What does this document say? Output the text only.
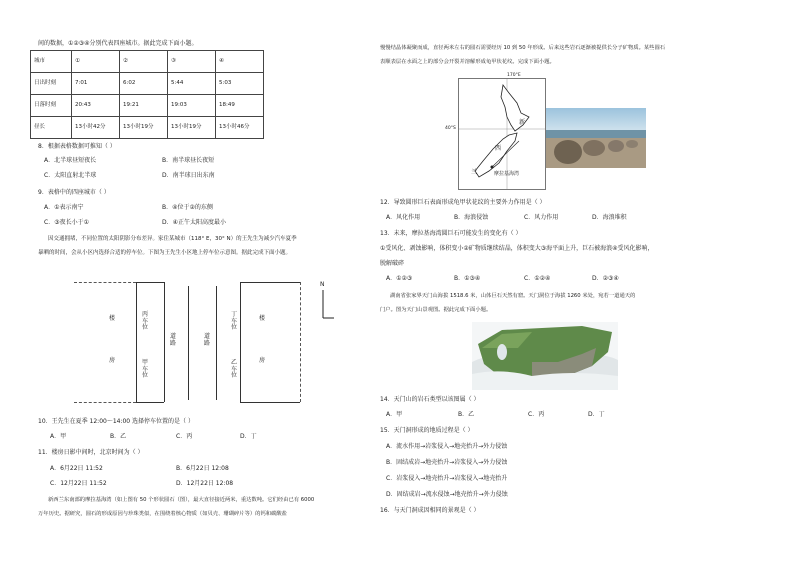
间的数据，①②③④分别代表四座城市。据此完成下面小题。
城市	①	②	③	④
日出时刻	7:01	6:02	5:44	5:03
日落时刻	20:43	19:21	19:03	18:49
昼长	13小时42分	13小时19分	13小时19分	13小时46分
8．根据表格数据可推知（ ）
A．北半球昼短夜长	B．南半球昼长夜短
C．太阳直射北半球	D．南半球日出东南
9．表格中的四座城市（ ）
A．①表示南宁	B．④位于②的东侧
C．③夜长小于①	D．④正午太阳高度最小
因交通拥堵，不同位置的太阳阴影分布差异。家住某城市（118° E，30° N）的王先生为减少汽车夏季
暴晒的时间，会从小区内选择合适的停车位。下图为王先生小区地上停车位示意图。据此完成下面小题。
楼
房
丙车位
甲车位
道路
道路
丁车位
乙车位
楼
房
N
10．王先生在夏季 12:00～14:00 选择停车位置的是（ ）
A．甲	B．乙	C．丙	D．丁
11．楼房日影中间时，北京时间为（ ）
A．6月22日 11:52	B．6月22日 12:08
C．12月22日 11:52	D．12月22日 12:08
新西兰东南部的摩拉基海湾（如上图有 50 个形状圆石（图），最大直径接近两米，重达数吨。它们经由已有 6000
万年历史。据研究，圆石的形成原因与珍珠类似，在围绕着核心物质（如贝壳、珊瑚碎片等）的钙和碳酸盐
慢慢结晶体凝聚而成，直径两米左右的圆石需要经历 10 到 50 年形成。后来这些岩石逐渐被提供长分子矿物质。某些圆石
表顺表层在水面之上的部分会开裂并溶解形成龟甲状花纹。完成下面小题。
170°E
40°S
新
西
兰	摩拉基海湾
12．导致圆形巨石表面形成龟甲状花纹的主要外力作用是（ ）
A．风化作用	B．海浪侵蚀	C．风力作用	D．海浪堆积
13．未来，摩拉基海湾圆巨石可能发生的变化有（ ）
①受风化、剥蚀影响，体积变小②矿物质继续结晶，体积变大③海平面上升，巨石被海浪④受风化影响，
脱解破碎
A．①②③	B．①③④	C．①②④	D．②③④
湖南省张家界天门山海拔 1518.6 米，山体巨石天然有窟。天门洞位于海拔 1260 米处，宛若一道通天的
门户。图为天门山景观图。据此完成下面小题。
14．天门山的岩石类型以该图属（ ）
A．甲	B．乙	C．丙	D．丁
15．天门洞形成的地质过程是（ ）
A．流水作用→岩浆侵入→地壳抬升→外力侵蚀
B．固结成岩→地壳抬升→岩浆侵入→外力侵蚀
C．岩浆侵入→地壳抬升→岩浆侵入→地壳抬升
D．固结成岩→流水侵蚀→地壳抬升→外力侵蚀
16．与天门洞成因相同的景观是（ ）
